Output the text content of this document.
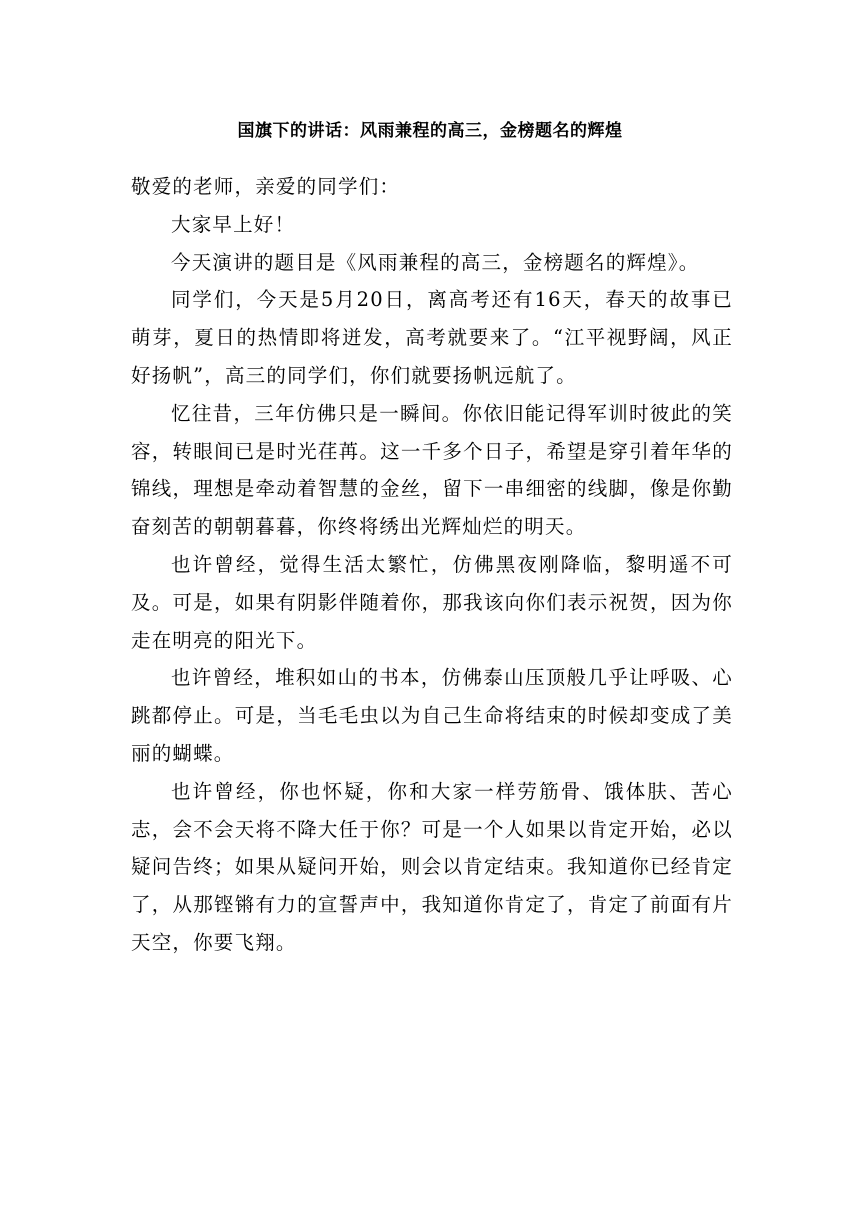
国旗下的讲话：风雨兼程的高三，金榜题名的辉煌

敬爱的老师，亲爱的同学们：

大家早上好！

今天演讲的题目是《风雨兼程的高三，金榜题名的辉煌》。

同学们，今天是5月20日，离高考还有16天，春天的故事已萌芽，夏日的热情即将迸发，高考就要来了。“江平视野阔，风正好扬帆”，高三的同学们，你们就要扬帆远航了。

忆往昔，三年仿佛只是一瞬间。你依旧能记得军训时彼此的笑容，转眼间已是时光荏苒。这一千多个日子，希望是穿引着年华的锦线，理想是牵动着智慧的金丝，留下一串细密的线脚，像是你勤奋刻苦的朝朝暮暮，你终将绣出光辉灿烂的明天。

也许曾经，觉得生活太繁忙，仿佛黑夜刚降临，黎明遥不可及。可是，如果有阴影伴随着你，那我该向你们表示祝贺，因为你走在明亮的阳光下。

也许曾经，堆积如山的书本，仿佛泰山压顶般几乎让呼吸、心跳都停止。可是，当毛毛虫以为自己生命将结束的时候却变成了美丽的蝴蝶。

也许曾经，你也怀疑，你和大家一样劳筋骨、饿体肤、苦心志，会不会天将不降大任于你？可是一个人如果以肯定开始，必以疑问告终；如果从疑问开始，则会以肯定结束。我知道你已经肯定了，从那铿锵有力的宣誓声中，我知道你肯定了，肯定了前面有片天空，你要飞翔。
